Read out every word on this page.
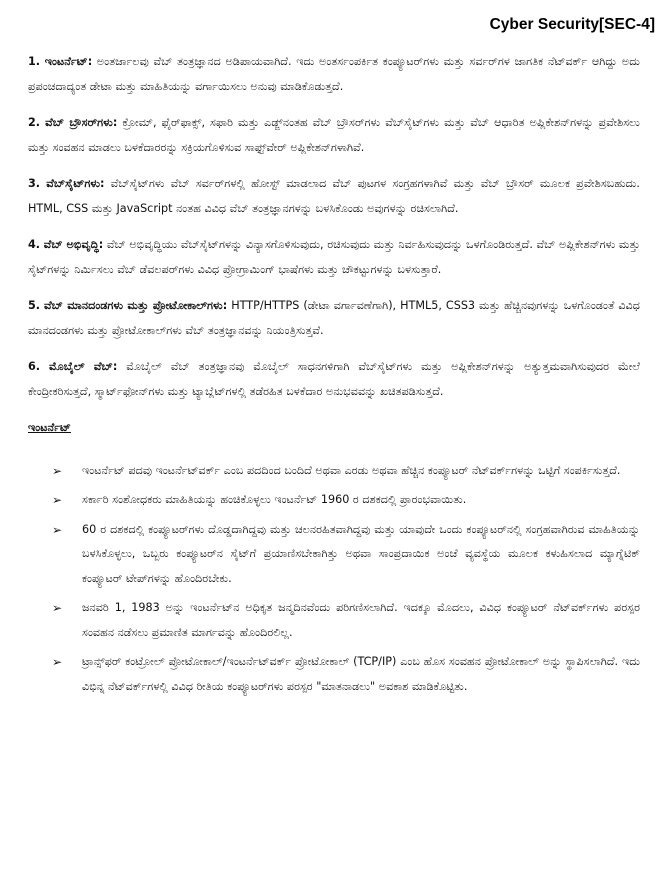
Cyber Security[SEC-4]

1. ಇಂಟರ್ನೆಟ್: ಅಂತರ್ಜಾಲವು ವೆಬ್ ತಂತ್ರಜ್ಞಾನದ ಅಡಿಪಾಯವಾಗಿದೆ. ಇದು ಅಂತರ್ಸಂಪರ್ಕಿತ ಕಂಪ್ಯೂಟರ್‌ಗಳು ಮತ್ತು ಸರ್ವರ್‌ಗಳ ಜಾಗತಿಕ ನೆಟ್‌ವರ್ಕ್ ಆಗಿದ್ದು ಅದು ಪ್ರಪಂಚದಾದ್ಯಂತ ಡೇಟಾ ಮತ್ತು ಮಾಹಿತಿಯನ್ನು ವರ್ಗಾಯಿಸಲು ಅನುವು ಮಾಡಿಕೊಡುತ್ತದೆ.

2. ವೆಬ್ ಬ್ರೌಸರ್‌ಗಳು: ಕ್ರೋಮ್, ಫೈರ್‌ಫಾಕ್ಸ್, ಸಫಾರಿ ಮತ್ತು ಎಡ್ಜ್‌ನಂತಹ ವೆಬ್ ಬ್ರೌಸರ್‌ಗಳು ವೆಬ್‌ಸೈಟ್‌ಗಳು ಮತ್ತು ವೆಬ್ ಆಧಾರಿತ ಅಪ್ಲಿಕೇಶನ್‌ಗಳನ್ನು ಪ್ರವೇಶಿಸಲು ಮತ್ತು ಸಂವಹನ ಮಾಡಲು ಬಳಕೆದಾರರನ್ನು ಸಕ್ರಿಯಗೊಳಿಸುವ ಸಾಫ್ಟ್‌ವೇರ್ ಅಪ್ಲಿಕೇಶನ್‌ಗಳಾಗಿವೆ.

3. ವೆಬ್‌ಸೈಟ್‌ಗಳು: ವೆಬ್‌ಸೈಟ್‌ಗಳು ವೆಬ್ ಸರ್ವರ್‌ಗಳಲ್ಲಿ ಹೋಸ್ಟ್ ಮಾಡಲಾದ ವೆಬ್ ಪುಟಗಳ ಸಂಗ್ರಹಗಳಾಗಿವೆ ಮತ್ತು ವೆಬ್ ಬ್ರೌಸರ್ ಮೂಲಕ ಪ್ರವೇಶಿಸಬಹುದು. HTML, CSS ಮತ್ತು JavaScript ನಂತಹ ವಿವಿಧ ವೆಬ್ ತಂತ್ರಜ್ಞಾನಗಳನ್ನು ಬಳಸಿಕೊಂಡು ಅವುಗಳನ್ನು ರಚಿಸಲಾಗಿದೆ.

4. ವೆಬ್ ಅಭಿವೃದ್ಧಿ: ವೆಬ್ ಅಭಿವೃದ್ಧಿಯು ವೆಬ್‌ಸೈಟ್‌ಗಳನ್ನು ವಿನ್ಯಾಸಗೊಳಿಸುವುದು, ರಚಿಸುವುದು ಮತ್ತು ನಿರ್ವಹಿಸುವುದನ್ನು ಒಳಗೊಂಡಿರುತ್ತದೆ. ವೆಬ್ ಅಪ್ಲಿಕೇಶನ್‌ಗಳು ಮತ್ತು ಸೈಟ್‌ಗಳನ್ನು ನಿರ್ಮಿಸಲು ವೆಬ್ ಡೆವಲಪರ್‌ಗಳು ವಿವಿಧ ಪ್ರೋಗ್ರಾಮಿಂಗ್ ಭಾಷೆಗಳು ಮತ್ತು ಚೌಕಟ್ಟುಗಳನ್ನು ಬಳಸುತ್ತಾರೆ.

5. ವೆಬ್ ಮಾನದಂಡಗಳು ಮತ್ತು ಪ್ರೋಟೋಕಾಲ್‌ಗಳು: HTTP/HTTPS (ಡೇಟಾ ವರ್ಗಾವಣೆಗಾಗಿ), HTML5, CSS3 ಮತ್ತು ಹೆಚ್ಚಿನವುಗಳನ್ನು ಒಳಗೊಂಡಂತೆ ವಿವಿಧ ಮಾನದಂಡಗಳು ಮತ್ತು ಪ್ರೋಟೋಕಾಲ್‌ಗಳು ವೆಬ್ ತಂತ್ರಜ್ಞಾನವನ್ನು ನಿಯಂತ್ರಿಸುತ್ತವೆ.

6. ಮೊಬೈಲ್ ವೆಬ್: ಮೊಬೈಲ್ ವೆಬ್ ತಂತ್ರಜ್ಞಾನವು ಮೊಬೈಲ್ ಸಾಧನಗಳಿಗಾಗಿ ವೆಬ್‌ಸೈಟ್‌ಗಳು ಮತ್ತು ಅಪ್ಲಿಕೇಶನ್‌ಗಳನ್ನು ಅತ್ಯುತ್ತಮವಾಗಿಸುವುದರ ಮೇಲೆ ಕೇಂದ್ರೀಕರಿಸುತ್ತದೆ, ಸ್ಮಾರ್ಟ್‌ಫೋನ್‌ಗಳು ಮತ್ತು ಟ್ಯಾಬ್ಲೆಟ್‌ಗಳಲ್ಲಿ ತಡೆರಹಿತ ಬಳಕೆದಾರ ಅನುಭವವನ್ನು ಖಚಿತಪಡಿಸುತ್ತದೆ.

ಇಂಟರ್ನೆಟ್
➢ ಇಂಟರ್ನೆಟ್ ಪದವು ಇಂಟರ್ನೆಟ್‌ವರ್ಕ್ ಎಂಬ ಪದದಿಂದ ಬಂದಿದೆ ಅಥವಾ ಎರಡು ಅಥವಾ ಹೆಚ್ಚಿನ ಕಂಪ್ಯೂಟರ್ ನೆಟ್‌ವರ್ಕ್‌ಗಳನ್ನು ಒಟ್ಟಿಗೆ ಸಂಪರ್ಕಿಸುತ್ತದೆ.
➢ ಸರ್ಕಾರಿ ಸಂಶೋಧಕರು ಮಾಹಿತಿಯನ್ನು ಹಂಚಿಕೊಳ್ಳಲು ಇಂಟರ್ನೆಟ್ 1960 ರ ದಶಕದಲ್ಲಿ ಪ್ರಾರಂಭವಾಯಿತು.
➢ 60 ರ ದಶಕದಲ್ಲಿ ಕಂಪ್ಯೂಟರ್‌ಗಳು ದೊಡ್ಡದಾಗಿದ್ದವು ಮತ್ತು ಚಲನರಹಿತವಾಗಿದ್ದವು ಮತ್ತು ಯಾವುದೇ ಒಂದು ಕಂಪ್ಯೂಟರ್‌ನಲ್ಲಿ ಸಂಗ್ರಹವಾಗಿರುವ ಮಾಹಿತಿಯನ್ನು ಬಳಸಿಕೊಳ್ಳಲು, ಒಬ್ಬರು ಕಂಪ್ಯೂಟರ್‌ನ ಸೈಟ್‌ಗೆ ಪ್ರಯಾಣಿಸಬೇಕಾಗಿತ್ತು ಅಥವಾ ಸಾಂಪ್ರದಾಯಿಕ ಅಂಚೆ ವ್ಯವಸ್ಥೆಯ ಮೂಲಕ ಕಳುಹಿಸಲಾದ ಮ್ಯಾಗ್ನೆಟಿಕ್ ಕಂಪ್ಯೂಟರ್ ಟೇಪ್‌ಗಳನ್ನು ಹೊಂದಿರಬೇಕು.
➢ ಜನವರಿ 1, 1983 ಅನ್ನು ಇಂಟರ್ನೆಟ್‌ನ ಅಧಿಕೃತ ಜನ್ಮದಿನವೆಂದು ಪರಿಗಣಿಸಲಾಗಿದೆ. ಇದಕ್ಕೂ ಮೊದಲು, ವಿವಿಧ ಕಂಪ್ಯೂಟರ್ ನೆಟ್‌ವರ್ಕ್‌ಗಳು ಪರಸ್ಪರ ಸಂವಹನ ನಡೆಸಲು ಪ್ರಮಾಣಿತ ಮಾರ್ಗವನ್ನು ಹೊಂದಿರಲಿಲ್ಲ.
➢ ಟ್ರಾನ್ಸ್‌ಫರ್ ಕಂಟ್ರೋಲ್ ಪ್ರೋಟೋಕಾಲ್/ಇಂಟರ್ನೆಟ್‌ವರ್ಕ್ ಪ್ರೋಟೋಕಾಲ್ (TCP/IP) ಎಂಬ ಹೊಸ ಸಂವಹನ ಪ್ರೋಟೋಕಾಲ್ ಅನ್ನು ಸ್ಥಾಪಿಸಲಾಗಿದೆ. ಇದು ವಿಭಿನ್ನ ನೆಟ್‌ವರ್ಕ್‌ಗಳಲ್ಲಿ ವಿವಿಧ ರೀತಿಯ ಕಂಪ್ಯೂಟರ್‌ಗಳು ಪರಸ್ಪರ "ಮಾತನಾಡಲು" ಅವಕಾಶ ಮಾಡಿಕೊಟ್ಟಿತು.
